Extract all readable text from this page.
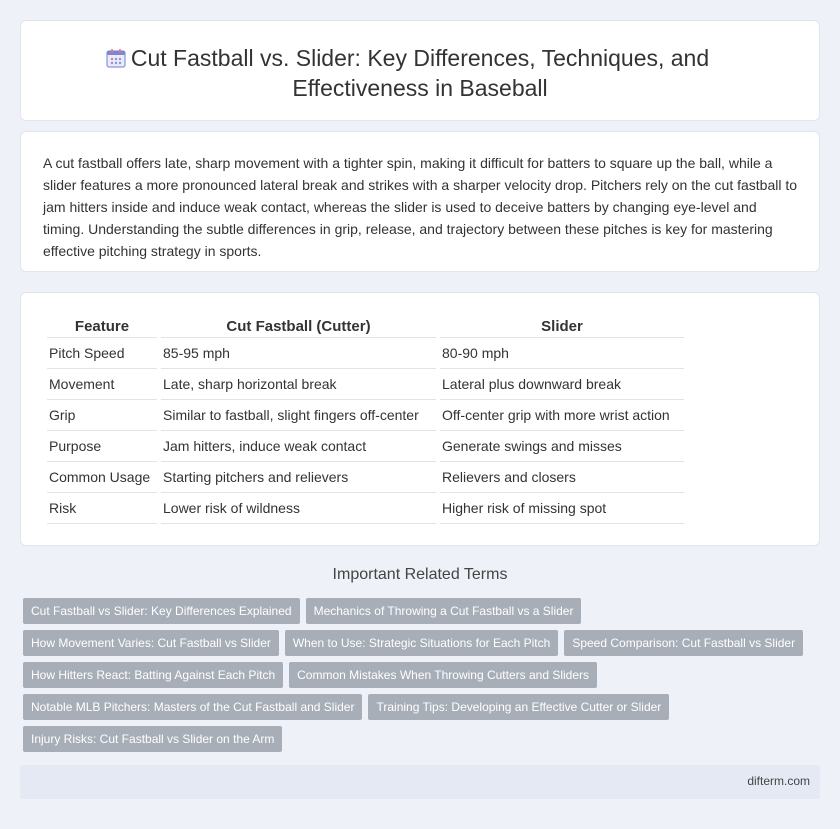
Cut Fastball vs. Slider: Key Differences, Techniques, and Effectiveness in Baseball

A cut fastball offers late, sharp movement with a tighter spin, making it difficult for batters to square up the ball, while a slider features a more pronounced lateral break and strikes with a sharper velocity drop. Pitchers rely on the cut fastball to jam hitters inside and induce weak contact, whereas the slider is used to deceive batters by changing eye-level and timing. Understanding the subtle differences in grip, release, and trajectory between these pitches is key for mastering effective pitching strategy in sports.

Feature	Cut Fastball (Cutter)	Slider
Pitch Speed	85-95 mph	80-90 mph
Movement	Late, sharp horizontal break	Lateral plus downward break
Grip	Similar to fastball, slight fingers off-center	Off-center grip with more wrist action
Purpose	Jam hitters, induce weak contact	Generate swings and misses
Common Usage	Starting pitchers and relievers	Relievers and closers
Risk	Lower risk of wildness	Higher risk of missing spot
Important Related Terms
Cut Fastball vs Slider: Key Differences Explained	Mechanics of Throwing a Cut Fastball vs a Slider
How Movement Varies: Cut Fastball vs Slider	When to Use: Strategic Situations for Each Pitch	Speed Comparison: Cut Fastball vs Slider
How Hitters React: Batting Against Each Pitch	Common Mistakes When Throwing Cutters and Sliders
Notable MLB Pitchers: Masters of the Cut Fastball and Slider	Training Tips: Developing an Effective Cutter or Slider
Injury Risks: Cut Fastball vs Slider on the Arm
difterm.com
